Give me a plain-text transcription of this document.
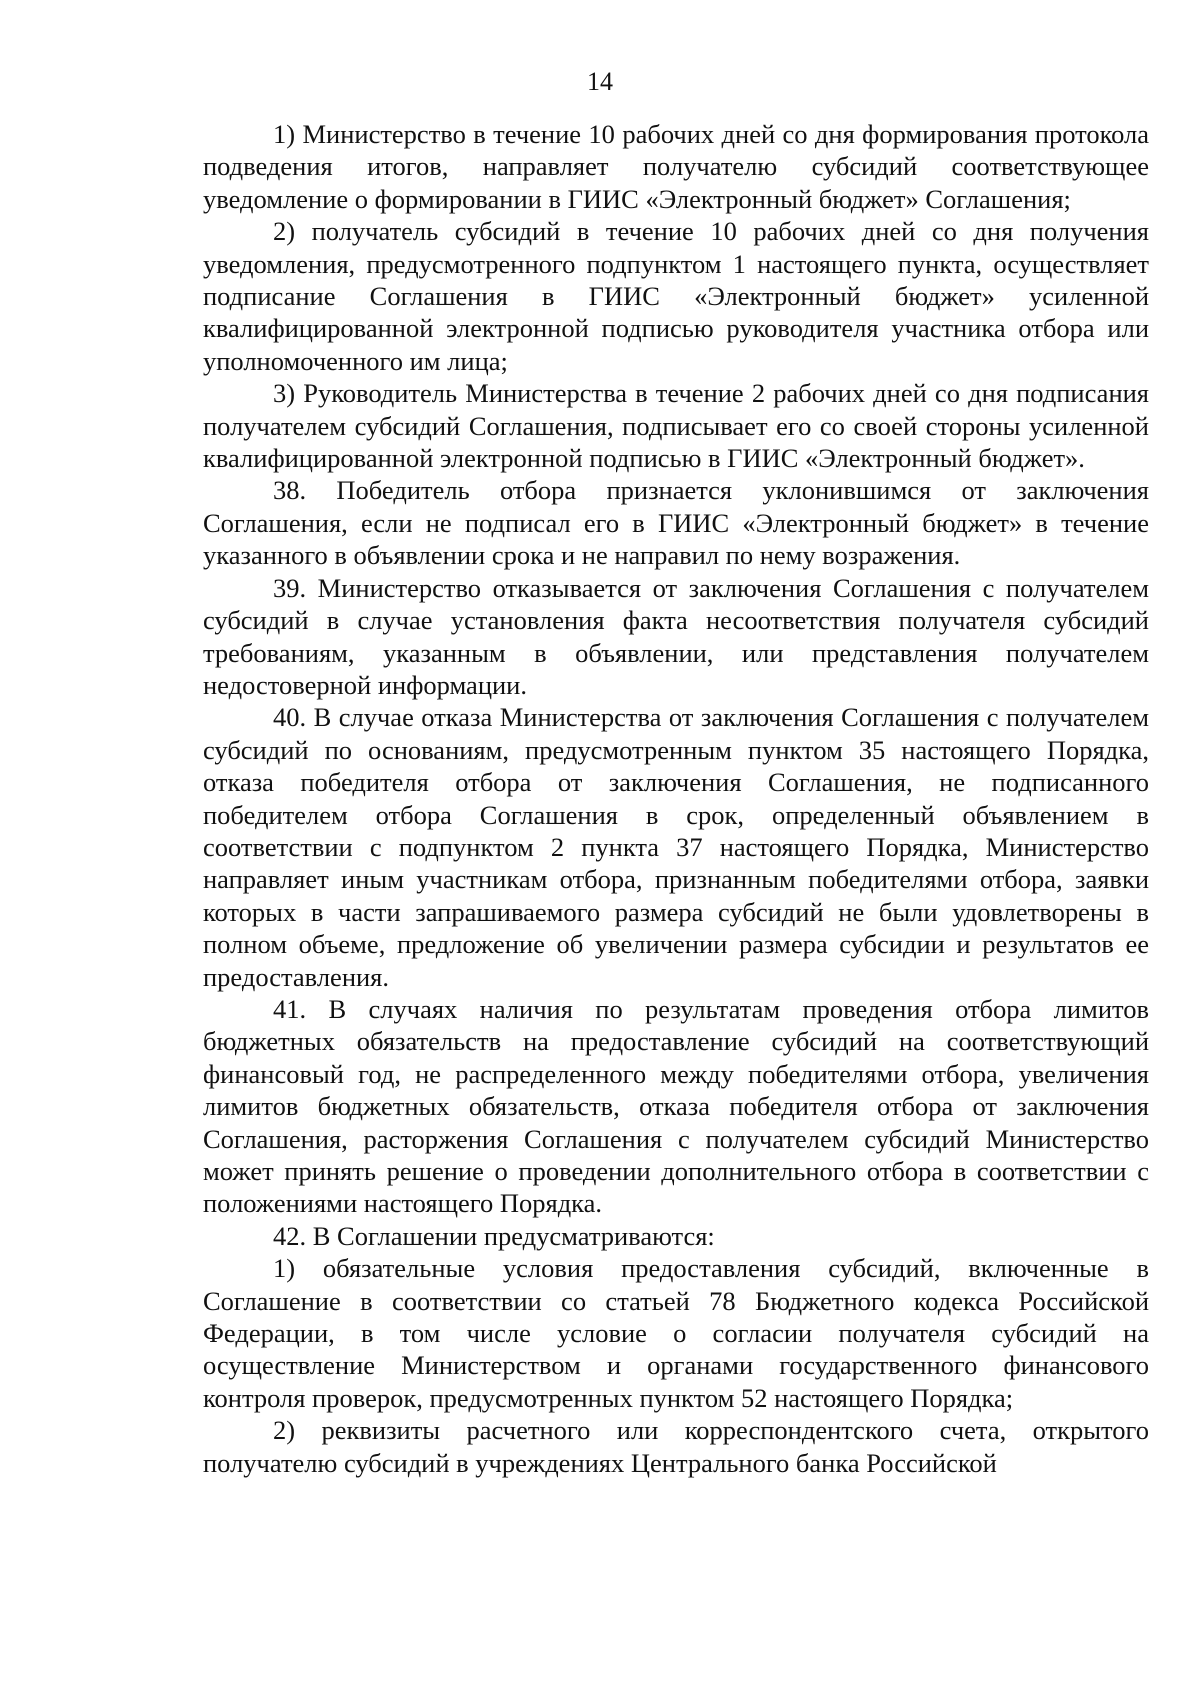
14

1) Министерство в течение 10 рабочих дней со дня формирования протокола подведения итогов, направляет получателю субсидий соответствующее уведомление о формировании в ГИИС «Электронный бюджет» Соглашения;

2) получатель субсидий в течение 10 рабочих дней со дня получения уведомления, предусмотренного подпунктом 1 настоящего пункта, осуществляет подписание Соглашения в ГИИС «Электронный бюджет» усиленной квалифицированной электронной подписью руководителя участника отбора или уполномоченного им лица;

3) Руководитель Министерства в течение 2 рабочих дней со дня подписания получателем субсидий Соглашения, подписывает его со своей стороны усиленной квалифицированной электронной подписью в ГИИС «Электронный бюджет».

38. Победитель отбора признается уклонившимся от заключения Соглашения, если не подписал его в ГИИС «Электронный бюджет» в течение указанного в объявлении срока и не направил по нему возражения.

39. Министерство отказывается от заключения Соглашения с получателем субсидий в случае установления факта несоответствия получателя субсидий требованиям, указанным в объявлении, или представления получателем недостоверной информации.

40. В случае отказа Министерства от заключения Соглашения с получателем субсидий по основаниям, предусмотренным пунктом 35 настоящего Порядка, отказа победителя отбора от заключения Соглашения, не подписанного победителем отбора Соглашения в срок, определенный объявлением в соответствии с подпунктом 2 пункта 37 настоящего Порядка, Министерство направляет иным участникам отбора, признанным победителями отбора, заявки которых в части запрашиваемого размера субсидий не были удовлетворены в полном объеме, предложение об увеличении размера субсидии и результатов ее предоставления.

41. В случаях наличия по результатам проведения отбора лимитов бюджетных обязательств на предоставление субсидий на соответствующий финансовый год, не распределенного между победителями отбора, увеличения лимитов бюджетных обязательств, отказа победителя отбора от заключения Соглашения, расторжения Соглашения с получателем субсидий Министерство может принять решение о проведении дополнительного отбора в соответствии с положениями настоящего Порядка.

42. В Соглашении предусматриваются:

1) обязательные условия предоставления субсидий, включенные в Соглашение в соответствии со статьей 78 Бюджетного кодекса Российской Федерации, в том числе условие о согласии получателя субсидий на осуществление Министерством и органами государственного финансового контроля проверок, предусмотренных пунктом 52 настоящего Порядка;

2) реквизиты расчетного или корреспондентского счета, открытого получателю субсидий в учреждениях Центрального банка Российской
